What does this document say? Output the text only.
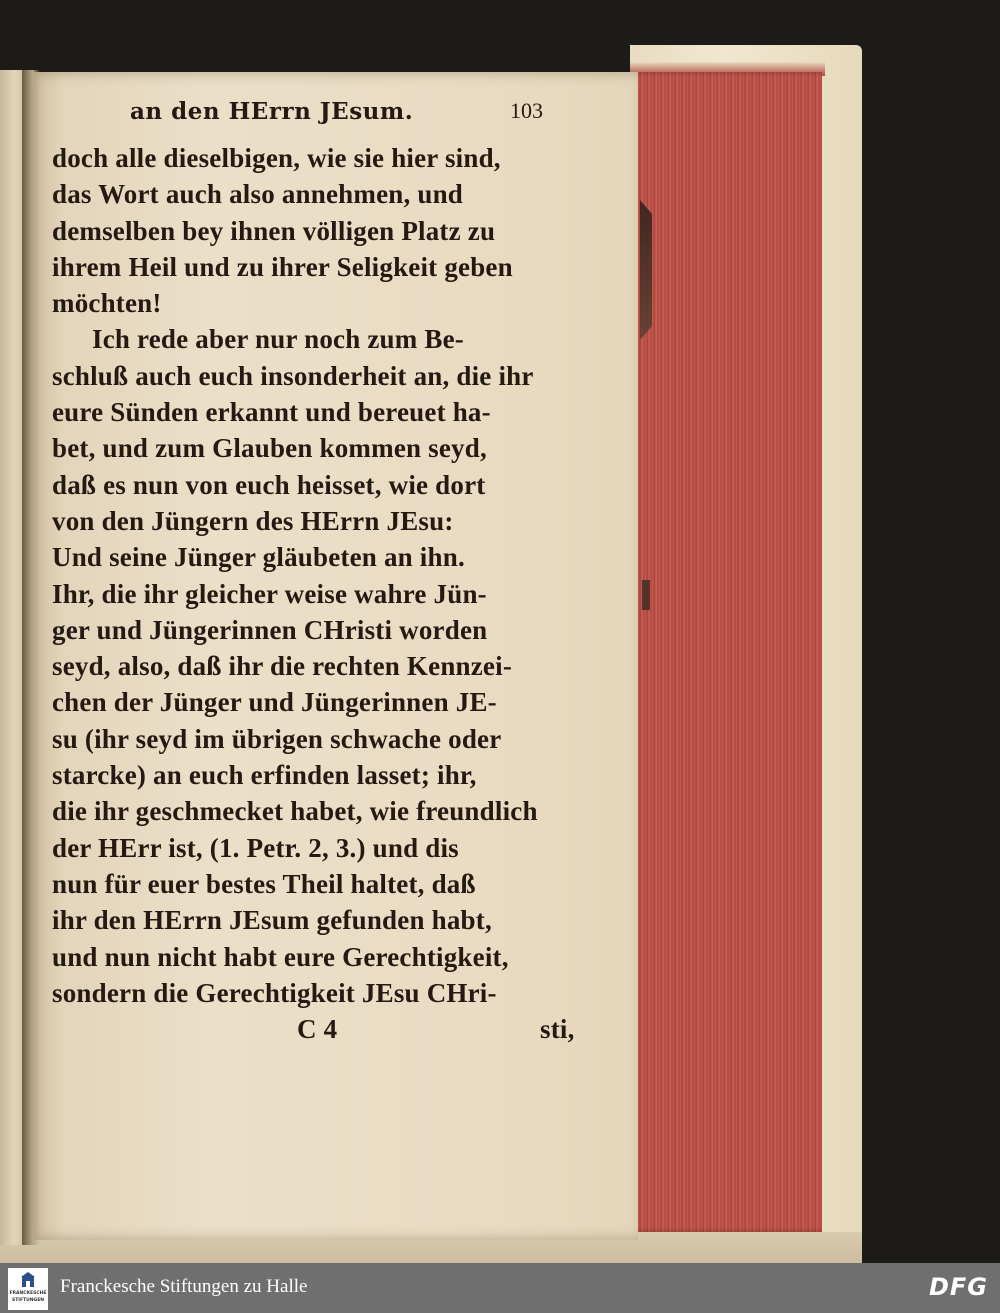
an den HErrn JEsum.	103
doch alle dieselbigen, wie sie hier sind,
das Wort auch also annehmen, und
demselben bey ihnen völligen Platz zu
ihrem Heil und zu ihrer Seligkeit geben
möchten!
Ich rede aber nur noch zum Be-
schluß auch euch insonderheit an, die ihr
eure Sünden erkannt und bereuet ha-
bet, und zum Glauben kommen seyd,
daß es nun von euch heisset, wie dort
von den Jüngern des HErrn JEsu:
Und seine Jünger gläubeten an ihn.
Ihr, die ihr gleicher weise wahre Jün-
ger und Jüngerinnen CHristi worden
seyd, also, daß ihr die rechten Kennzei-
chen der Jünger und Jüngerinnen JE-
su (ihr seyd im übrigen schwache oder
starcke) an euch erfinden lasset; ihr,
die ihr geschmecket habet, wie freundlich
der HErr ist, (1. Petr. 2, 3.) und dis
nun für euer bestes Theil haltet, daß
ihr den HErrn JEsum gefunden habt,
und nun nicht habt eure Gerechtigkeit,
sondern die Gerechtigkeit JEsu CHri-
C 4	sti,
FRANCKESCHE
STIFTUNGEN
Franckesche Stiftungen zu Halle	DFG
